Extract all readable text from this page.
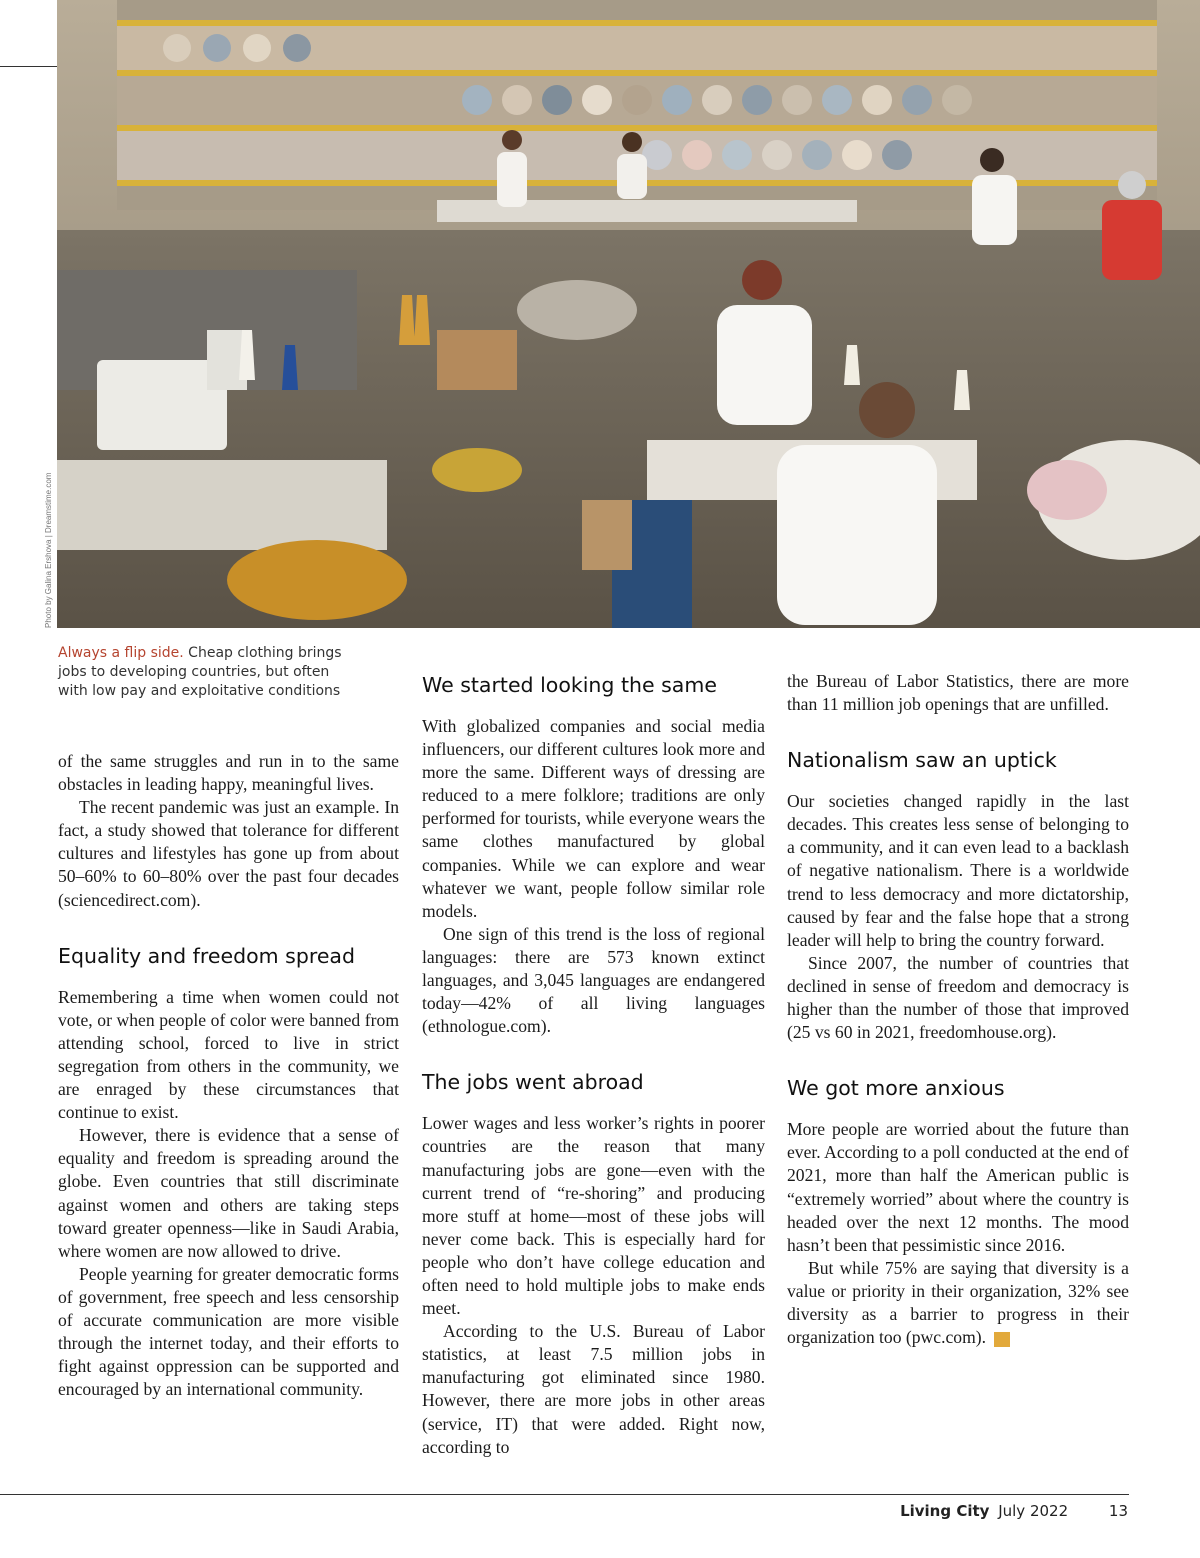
Photo by Galina Ershova | Dreamstime.com
Always a flip side. Cheap clothing brings jobs to developing countries, but often with low pay and exploitative conditions

of the same struggles and run in to the same obstacles in leading happy, meaningful lives.

The recent pandemic was just an example. In fact, a study showed that tolerance for different cultures and lifestyles has gone up from about 50–60% to 60–80% over the past four decades (sciencedirect.com).

Equality and freedom spread

Remembering a time when women could not vote, or when people of color were banned from attending school, forced to live in strict segregation from others in the community, we are enraged by these circumstances that continue to exist.

However, there is evidence that a sense of equality and freedom is spreading around the globe. Even countries that still discriminate against women and others are taking steps toward greater openness—like in Saudi Arabia, where women are now allowed to drive.

People yearning for greater democratic forms of government, free speech and less censorship of accurate communication are more visible through the internet today, and their efforts to fight against oppression can be supported and encouraged by an international community.

We started looking the same

With globalized companies and social media influencers, our different cultures look more and more the same. Different ways of dressing are reduced to a mere folklore; traditions are only performed for tourists, while everyone wears the same clothes manufactured by global companies. While we can explore and wear whatever we want, people follow similar role models.

One sign of this trend is the loss of regional languages: there are 573 known extinct languages, and 3,045 languages are endangered today—42% of all living languages (ethnologue.com).

The jobs went abroad

Lower wages and less worker’s rights in poorer countries are the reason that many manufacturing jobs are gone—even with the current trend of “re-shoring” and producing more stuff at home—most of these jobs will never come back. This is especially hard for people who don’t have college education and often need to hold multiple jobs to make ends meet.

According to the U.S. Bureau of Labor statistics, at least 7.5 million jobs in manufacturing got eliminated since 1980. However, there are more jobs in other areas (service, IT) that were added. Right now, according to

the Bureau of Labor Statistics, there are more than 11 million job openings that are unfilled.

Nationalism saw an uptick

Our societies changed rapidly in the last decades. This creates less sense of belonging to a community, and it can even lead to a backlash of negative nationalism. There is a worldwide trend to less democracy and more dictatorship, caused by fear and the false hope that a strong leader will help to bring the country forward.

Since 2007, the number of countries that declined in sense of freedom and democracy is higher than the number of those that improved (25 vs 60 in 2021, freedomhouse.org).

We got more anxious

More people are worried about the future than ever. According to a poll conducted at the end of 2021, more than half the American public is “extremely worried” about where the country is headed over the next 12 months. The mood hasn’t been that pessimistic since 2016.

But while 75% are saying that diversity is a value or priority in their organization, 32% see diversity as a barrier to progress in their organization too (pwc.com).	LC

Living City July 2022	13
